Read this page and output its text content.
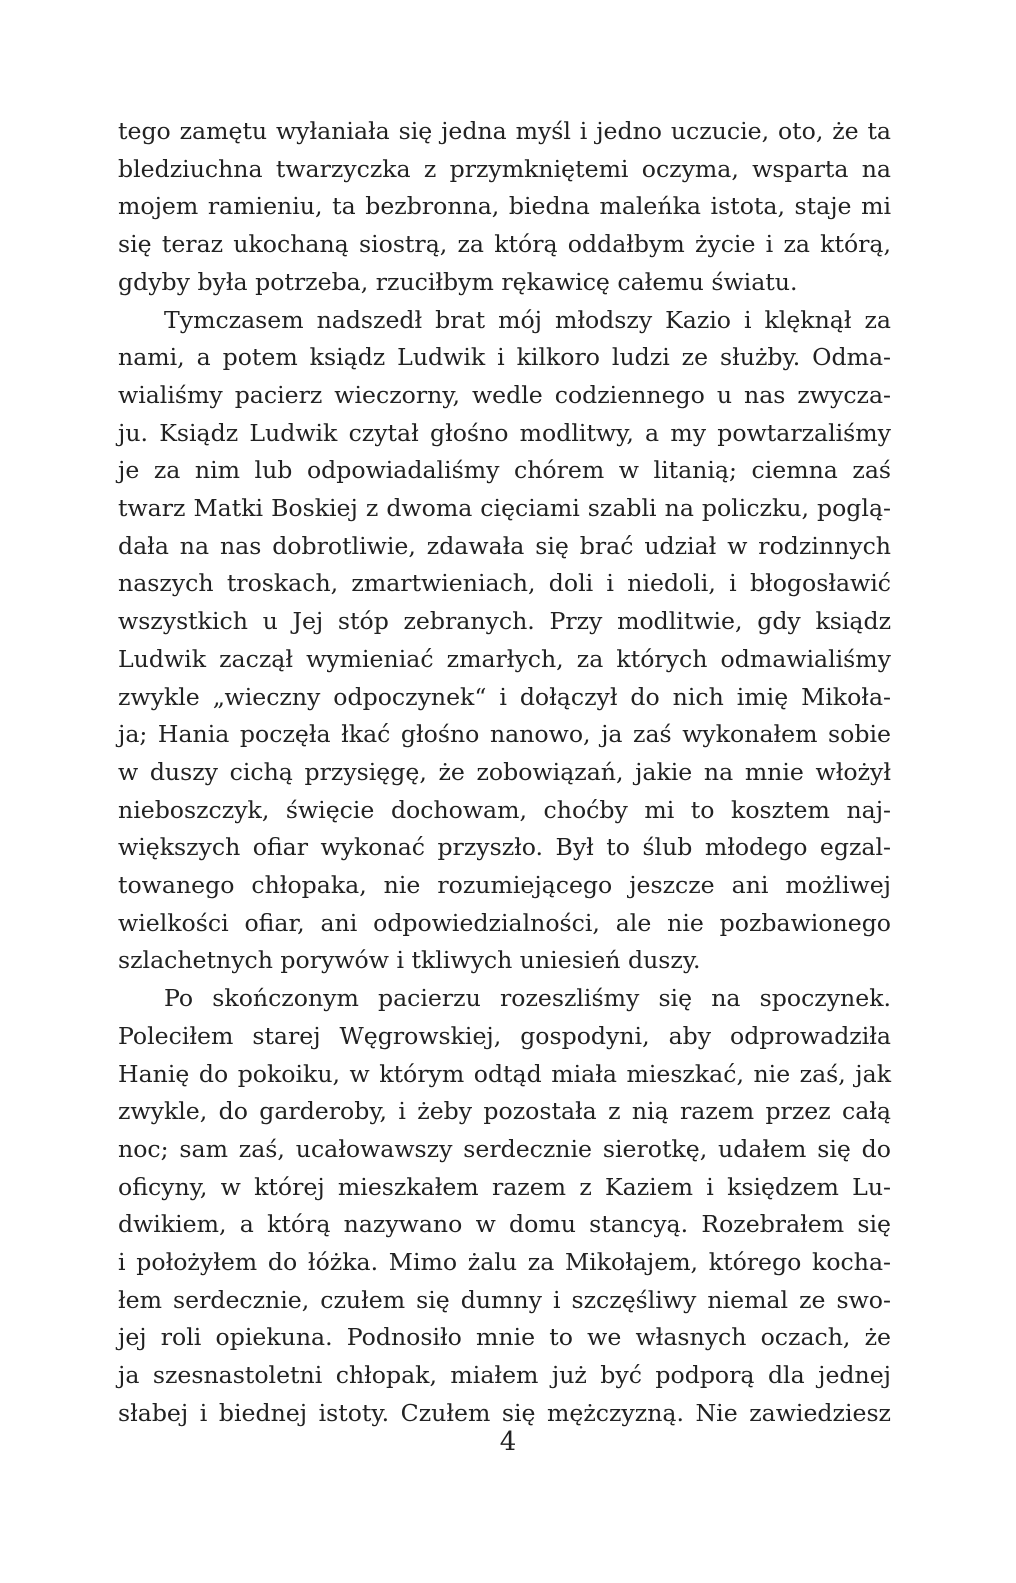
tego zamętu wyłaniała się jedna myśl i jedno uczucie, oto, że ta
bledziuchna twarzyczka z przymkniętemi oczyma, wsparta na
mojem ramieniu, ta bezbronna, biedna maleńka istota, staje mi
się teraz ukochaną siostrą, za którą oddałbym życie i za którą,
gdyby była potrzeba, rzuciłbym rękawicę całemu światu.
Tymczasem nadszedł brat mój młodszy Kazio i klęknął za
nami, a potem ksiądz Ludwik i kilkoro ludzi ze służby. Odma-
wialiśmy pacierz wieczorny, wedle codziennego u nas zwycza-
ju. Ksiądz Ludwik czytał głośno modlitwy, a my powtarzaliśmy
je za nim lub odpowiadaliśmy chórem w litanią; ciemna zaś
twarz Matki Boskiej z dwoma cięciami szabli na policzku, poglą-
dała na nas dobrotliwie, zdawała się brać udział w rodzinnych
naszych troskach, zmartwieniach, doli i niedoli, i błogosławić
wszystkich u Jej stóp zebranych. Przy modlitwie, gdy ksiądz
Ludwik zaczął wymieniać zmarłych, za których odmawialiśmy
zwykle „wieczny odpoczynek“ i dołączył do nich imię Mikoła-
ja; Hania poczęła łkać głośno nanowo, ja zaś wykonałem sobie
w duszy cichą przysięgę, że zobowiązań, jakie na mnie włożył
nieboszczyk, święcie dochowam, choćby mi to kosztem naj-
większych ofiar wykonać przyszło. Był to ślub młodego egzal-
towanego chłopaka, nie rozumiejącego jeszcze ani możliwej
wielkości ofiar, ani odpowiedzialności, ale nie pozbawionego
szlachetnych porywów i tkliwych uniesień duszy.
Po skończonym pacierzu rozeszliśmy się na spoczynek.
Poleciłem starej Węgrowskiej, gospodyni, aby odprowadziła
Hanię do pokoiku, w którym odtąd miała mieszkać, nie zaś, jak
zwykle, do garderoby, i żeby pozostała z nią razem przez całą
noc; sam zaś, ucałowawszy serdecznie sierotkę, udałem się do
oficyny, w której mieszkałem razem z Kaziem i księdzem Lu-
dwikiem, a którą nazywano w domu stancyą. Rozebrałem się
i położyłem do łóżka. Mimo żalu za Mikołajem, którego kocha-
łem serdecznie, czułem się dumny i szczęśliwy niemal ze swo-
jej roli opiekuna. Podnosiło mnie to we własnych oczach, że
ja szesnastoletni chłopak, miałem już być podporą dla jednej
słabej i biednej istoty. Czułem się mężczyzną. Nie zawiedziesz
4
